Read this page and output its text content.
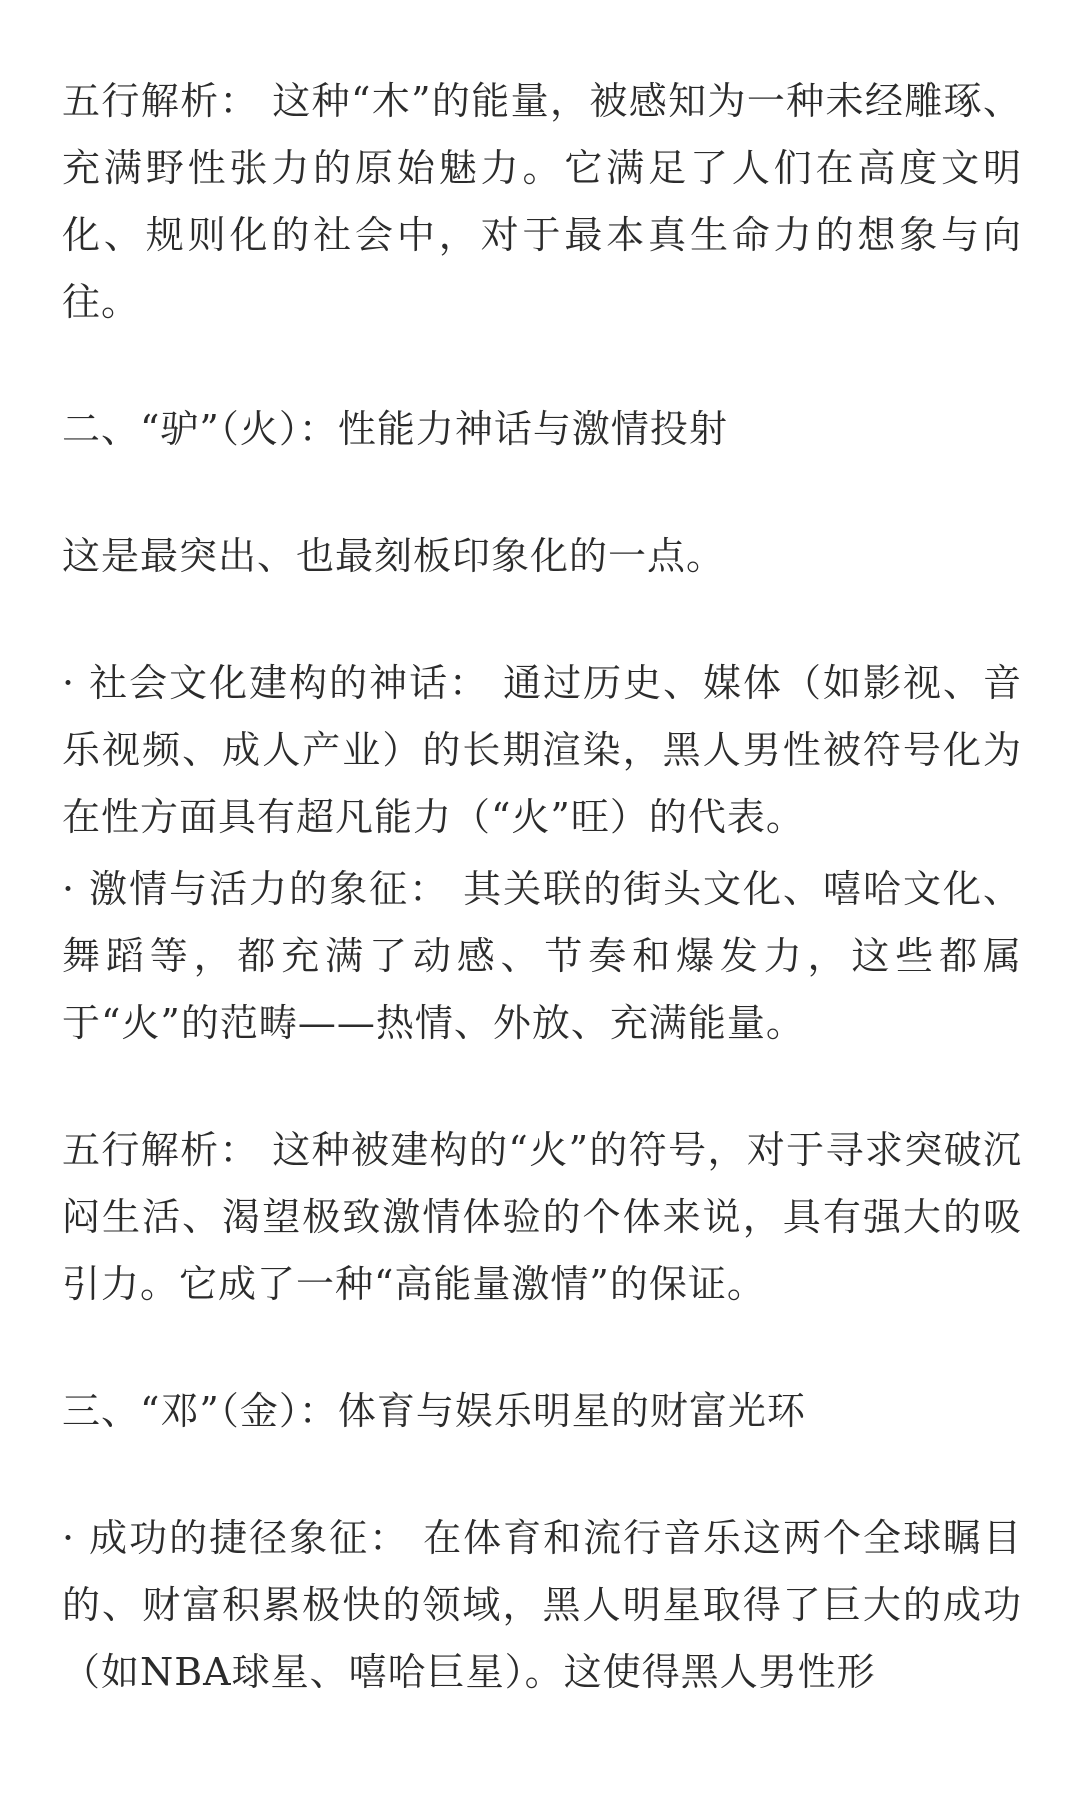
五行解析： 这种“木”的能量，被感知为一种未经雕琢、充满野性张力的原始魅力。它满足了人们在高度文明化、规则化的社会中，对于最本真生命力的想象与向往。

二、“驴”（火）：性能力神话与激情投射

这是最突出、也最刻板印象化的一点。

· 社会文化建构的神话： 通过历史、媒体（如影视、音乐视频、成人产业）的长期渲染，黑人男性被符号化为在性方面具有超凡能力（“火”旺）的代表。

· 激情与活力的象征： 其关联的街头文化、嘻哈文化、舞蹈等，都充满了动感、节奏和爆发力，这些都属于“火”的范畴——热情、外放、充满能量。

五行解析： 这种被建构的“火”的符号，对于寻求突破沉闷生活、渴望极致激情体验的个体来说，具有强大的吸引力。它成了一种“高能量激情”的保证。

三、“邓”（金）：体育与娱乐明星的财富光环

· 成功的捷径象征： 在体育和流行音乐这两个全球瞩目的、财富积累极快的领域，黑人明星取得了巨大的成功（如NBA球星、嘻哈巨星）。这使得黑人男性形
